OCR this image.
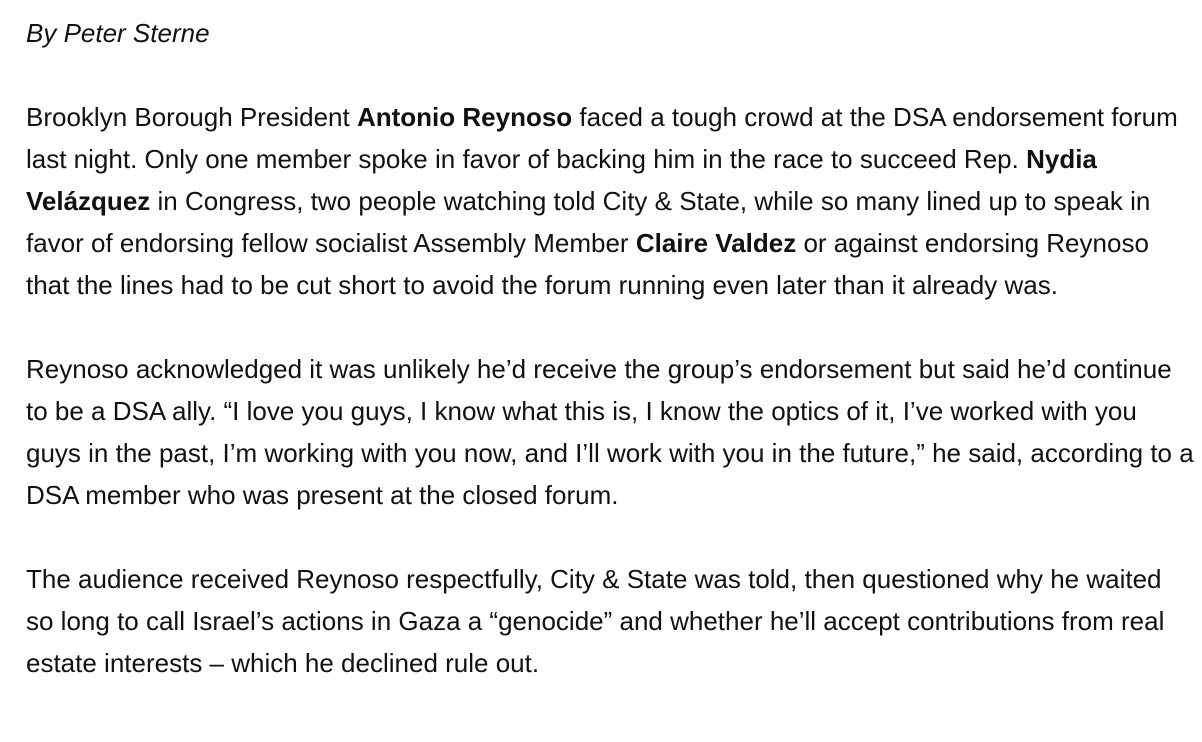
By Peter Sterne

Brooklyn Borough President Antonio Reynoso faced a tough crowd at the DSA endorsement forum last night. Only one member spoke in favor of backing him in the race to succeed Rep. Nydia Velázquez in Congress, two people watching told City & State, while so many lined up to speak in favor of endorsing fellow socialist Assembly Member Claire Valdez or against endorsing Reynoso that the lines had to be cut short to avoid the forum running even later than it already was.

Reynoso acknowledged it was unlikely he’d receive the group’s endorsement but said he’d continue to be a DSA ally. “I love you guys, I know what this is, I know the optics of it, I’ve worked with you guys in the past, I’m working with you now, and I’ll work with you in the future,” he said, according to a DSA member who was present at the closed forum.

The audience received Reynoso respectfully, City & State was told, then questioned why he waited so long to call Israel’s actions in Gaza a “genocide” and whether he’ll accept contributions from real estate interests – which he declined rule out.
